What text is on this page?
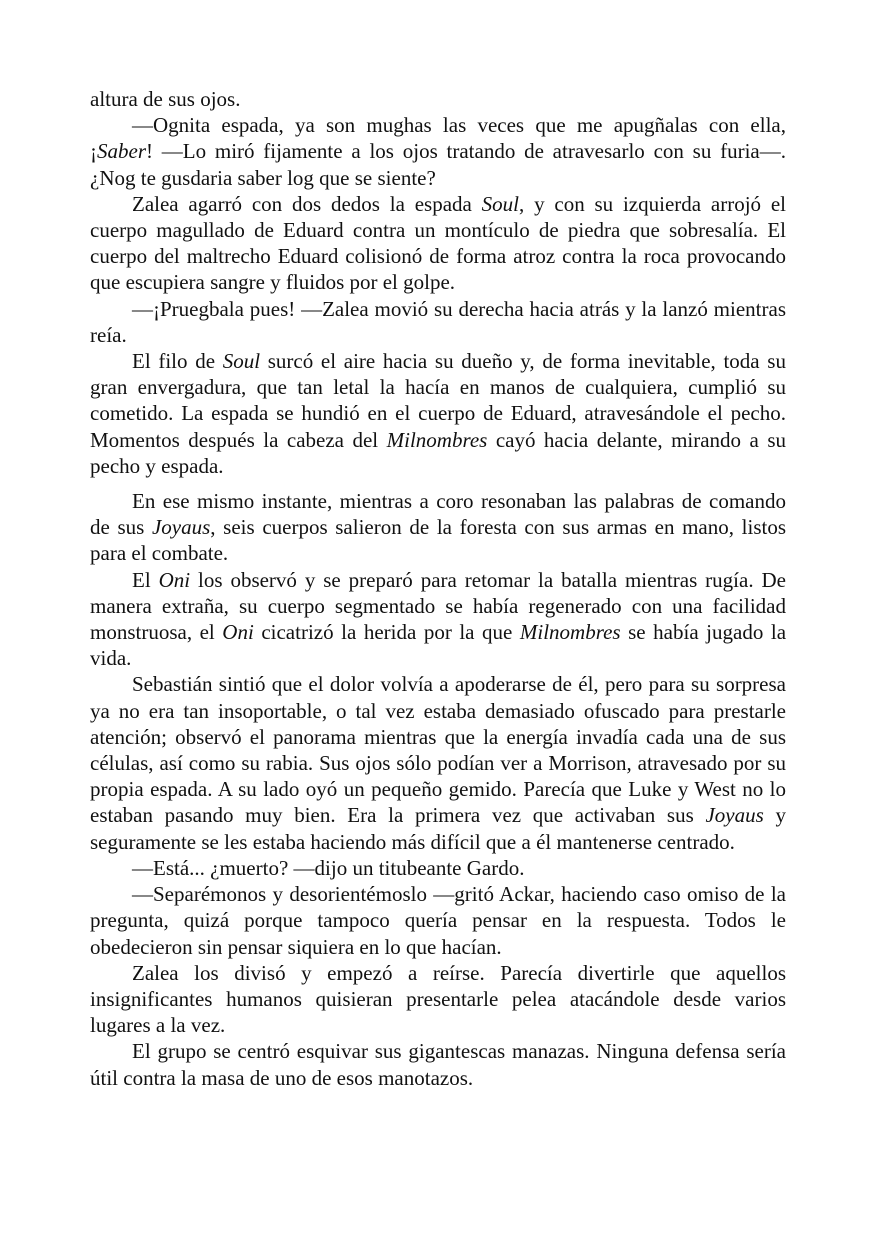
altura de sus ojos.

—Ognita espada, ya son mughas las veces que me apugñalas con ella, ¡Saber! —Lo miró fijamente a los ojos tratando de atravesarlo con su furia—. ¿Nog te gusdaria saber log que se siente?

Zalea agarró con dos dedos la espada Soul, y con su izquierda arrojó el cuerpo magullado de Eduard contra un montículo de piedra que sobresalía. El cuerpo del maltrecho Eduard colisionó de forma atroz contra la roca provocando que escupiera sangre y fluidos por el golpe.

—¡Pruegbala pues! —Zalea movió su derecha hacia atrás y la lanzó mientras reía.

El filo de Soul surcó el aire hacia su dueño y, de forma inevitable, toda su gran envergadura, que tan letal la hacía en manos de cualquiera, cumplió su cometido. La espada se hundió en el cuerpo de Eduard, atravesándole el pecho. Momentos después la cabeza del Milnombres cayó hacia delante, mirando a su pecho y espada.

En ese mismo instante, mientras a coro resonaban las palabras de comando de sus Joyaus, seis cuerpos salieron de la foresta con sus armas en mano, listos para el combate.

El Oni los observó y se preparó para retomar la batalla mientras rugía. De manera extraña, su cuerpo segmentado se había regenerado con una facilidad monstruosa, el Oni cicatrizó la herida por la que Milnombres se había jugado la vida.

Sebastián sintió que el dolor volvía a apoderarse de él, pero para su sorpresa ya no era tan insoportable, o tal vez estaba demasiado ofuscado para prestarle atención; observó el panorama mientras que la energía invadía cada una de sus células, así como su rabia. Sus ojos sólo podían ver a Morrison, atravesado por su propia espada. A su lado oyó un pequeño gemido. Parecía que Luke y West no lo estaban pasando muy bien. Era la primera vez que activaban sus Joyaus y seguramente se les estaba haciendo más difícil que a él mantenerse centrado.

—Está... ¿muerto? —dijo un titubeante Gardo.

—Separémonos y desorientémoslo —gritó Ackar, haciendo caso omiso de la pregunta, quizá porque tampoco quería pensar en la respuesta. Todos le obedecieron sin pensar siquiera en lo que hacían.

Zalea los divisó y empezó a reírse. Parecía divertirle que aquellos insignificantes humanos quisieran presentarle pelea atacándole desde varios lugares a la vez.

El grupo se centró esquivar sus gigantescas manazas. Ninguna defensa sería útil contra la masa de uno de esos manotazos.
